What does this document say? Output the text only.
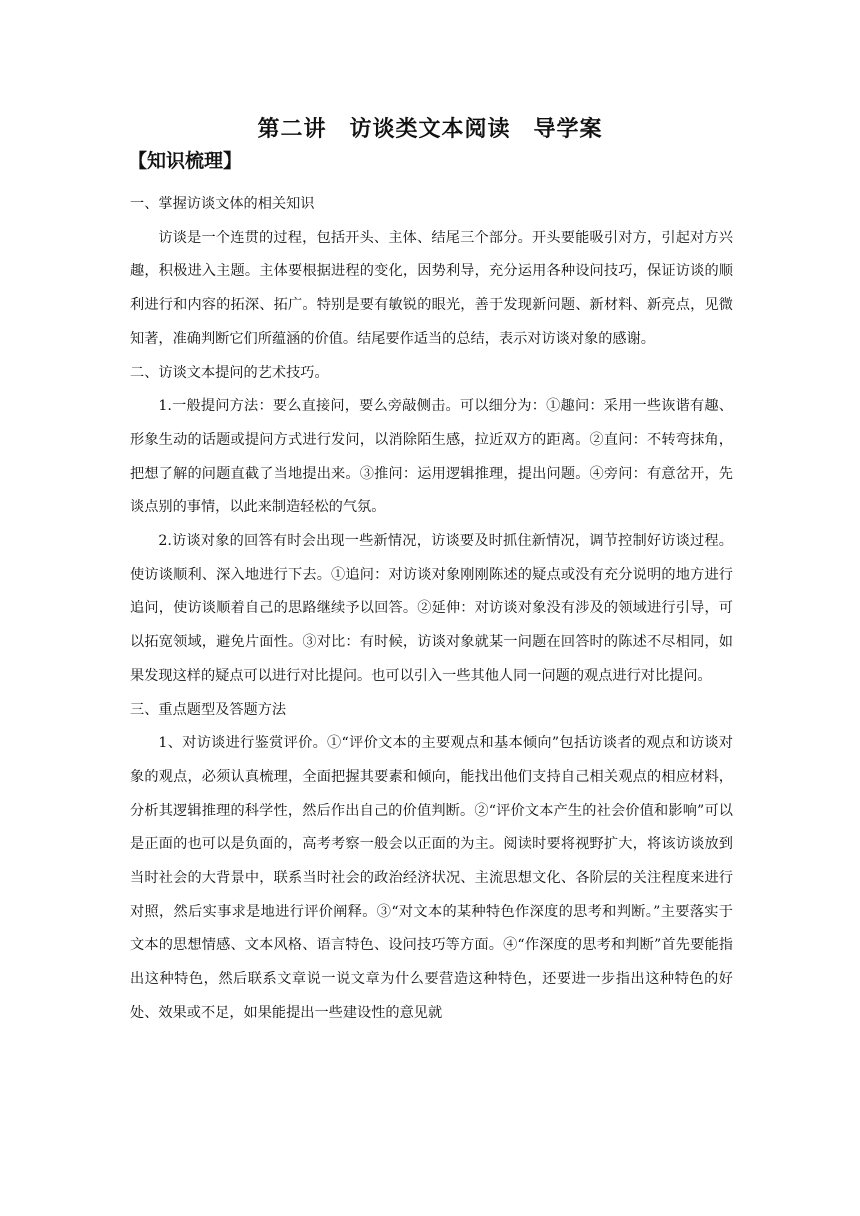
第二讲　访谈类文本阅读　导学案
【知识梳理】

一、掌握访谈文体的相关知识

访谈是一个连贯的过程，包括开头、主体、结尾三个部分。开头要能吸引对方，引起对方兴趣，积极进入主题。主体要根据进程的变化，因势利导，充分运用各种设问技巧，保证访谈的顺利进行和内容的拓深、拓广。特别是要有敏锐的眼光，善于发现新问题、新材料、新亮点，见微知著，准确判断它们所蕴涵的价值。结尾要作适当的总结，表示对访谈对象的感谢。

二、访谈文本提问的艺术技巧。

1.一般提问方法：要么直接问，要么旁敲侧击。可以细分为：①趣问：采用一些诙谐有趣、形象生动的话题或提问方式进行发问，以消除陌生感，拉近双方的距离。②直问：不转弯抹角，把想了解的问题直截了当地提出来。③推问：运用逻辑推理，提出问题。④旁问：有意岔开，先谈点别的事情，以此来制造轻松的气氛。

2.访谈对象的回答有时会出现一些新情况，访谈要及时抓住新情况，调节控制好访谈过程。使访谈顺利、深入地进行下去。①追问：对访谈对象刚刚陈述的疑点或没有充分说明的地方进行追问，使访谈顺着自己的思路继续予以回答。②延伸：对访谈对象没有涉及的领域进行引导，可以拓宽领域，避免片面性。③对比：有时候，访谈对象就某一问题在回答时的陈述不尽相同，如果发现这样的疑点可以进行对比提问。也可以引入一些其他人同一问题的观点进行对比提问。

三、重点题型及答题方法

1、对访谈进行鉴赏评价。①“评价文本的主要观点和基本倾向”包括访谈者的观点和访谈对象的观点，必须认真梳理，全面把握其要素和倾向，能找出他们支持自己相关观点的相应材料，分析其逻辑推理的科学性，然后作出自己的价值判断。②“评价文本产生的社会价值和影响”可以是正面的也可以是负面的，高考考察一般会以正面的为主。阅读时要将视野扩大，将该访谈放到当时社会的大背景中，联系当时社会的政治经济状况、主流思想文化、各阶层的关注程度来进行对照，然后实事求是地进行评价阐释。③“对文本的某种特色作深度的思考和判断。”主要落实于文本的思想情感、文本风格、语言特色、设问技巧等方面。④“作深度的思考和判断”首先要能指出这种特色，然后联系文章说一说文章为什么要营造这种特色，还要进一步指出这种特色的好处、效果或不足，如果能提出一些建设性的意见就
